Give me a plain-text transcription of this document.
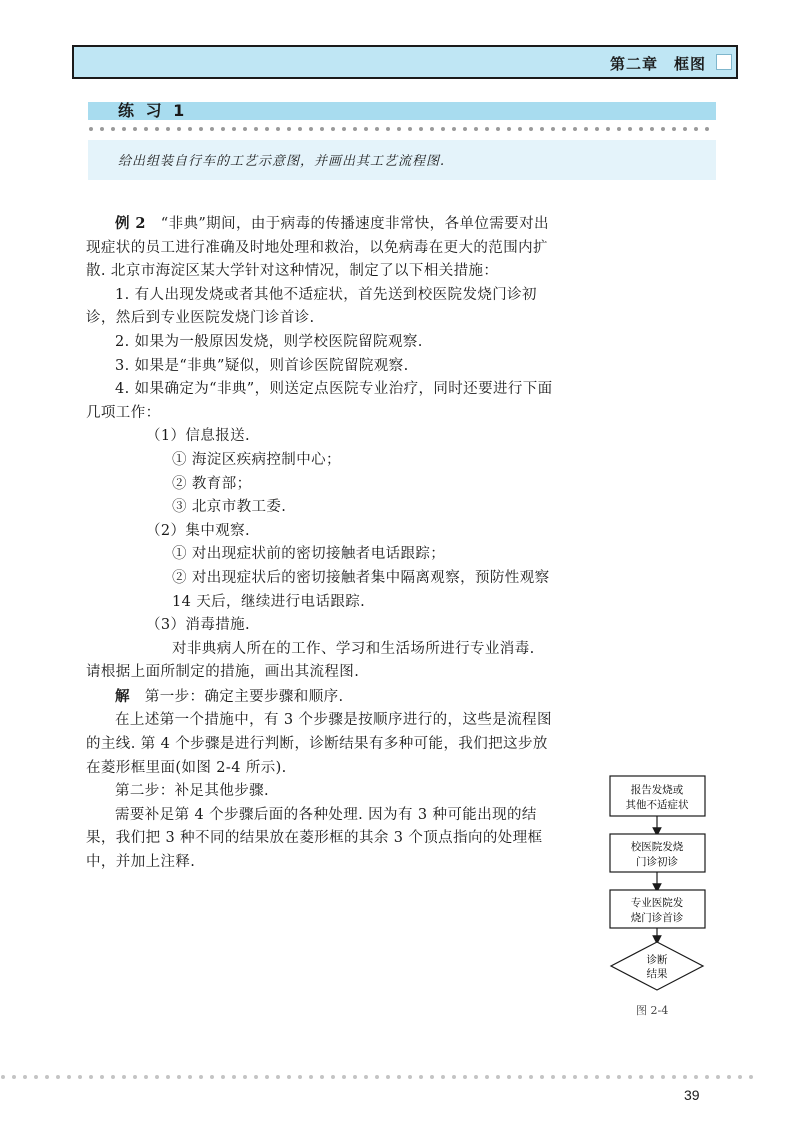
第二章　框图
练 习 1
给出组装自行车的工艺示意图，并画出其工艺流程图.

例 2　 “非典”期间，由于病毒的传播速度非常快，各单位需要对出现症状的员工进行准确及时地处理和救治，以免病毒在更大的范围内扩散. 北京市海淀区某大学针对这种情况，制定了以下相关措施：

1. 有人出现发烧或者其他不适症状，首先送到校医院发烧门诊初诊，然后到专业医院发烧门诊首诊.

2. 如果为一般原因发烧，则学校医院留院观察.

3. 如果是“非典”疑似，则首诊医院留院观察.

4. 如果确定为“非典”，则送定点医院专业治疗，同时还要进行下面几项工作：

（1）信息报送.

① 海淀区疾病控制中心；

② 教育部；

③ 北京市教工委.

（2）集中观察.

① 对出现症状前的密切接触者电话跟踪；

② 对出现症状后的密切接触者集中隔离观察，预防性观察 14 天后，继续进行电话跟踪.

（3）消毒措施.

对非典病人所在的工作、学习和生活场所进行专业消毒.

请根据上面所制定的措施，画出其流程图.

解　 第一步：确定主要步骤和顺序.

在上述第一个措施中，有 3 个步骤是按顺序进行的，这些是流程图的主线. 第 4 个步骤是进行判断，诊断结果有多种可能，我们把这步放在菱形框里面(如图 2-4 所示).

第二步：补足其他步骤.

需要补足第 4 个步骤后面的各种处理. 因为有 3 种可能出现的结果，我们把 3 种不同的结果放在菱形框的其余 3 个顶点指向的处理框中，并加上注释.

报告发烧或
其他不适症状
校医院发烧
门诊初诊
专业医院发
烧门诊首诊
诊断
结果
图 2-4
39
